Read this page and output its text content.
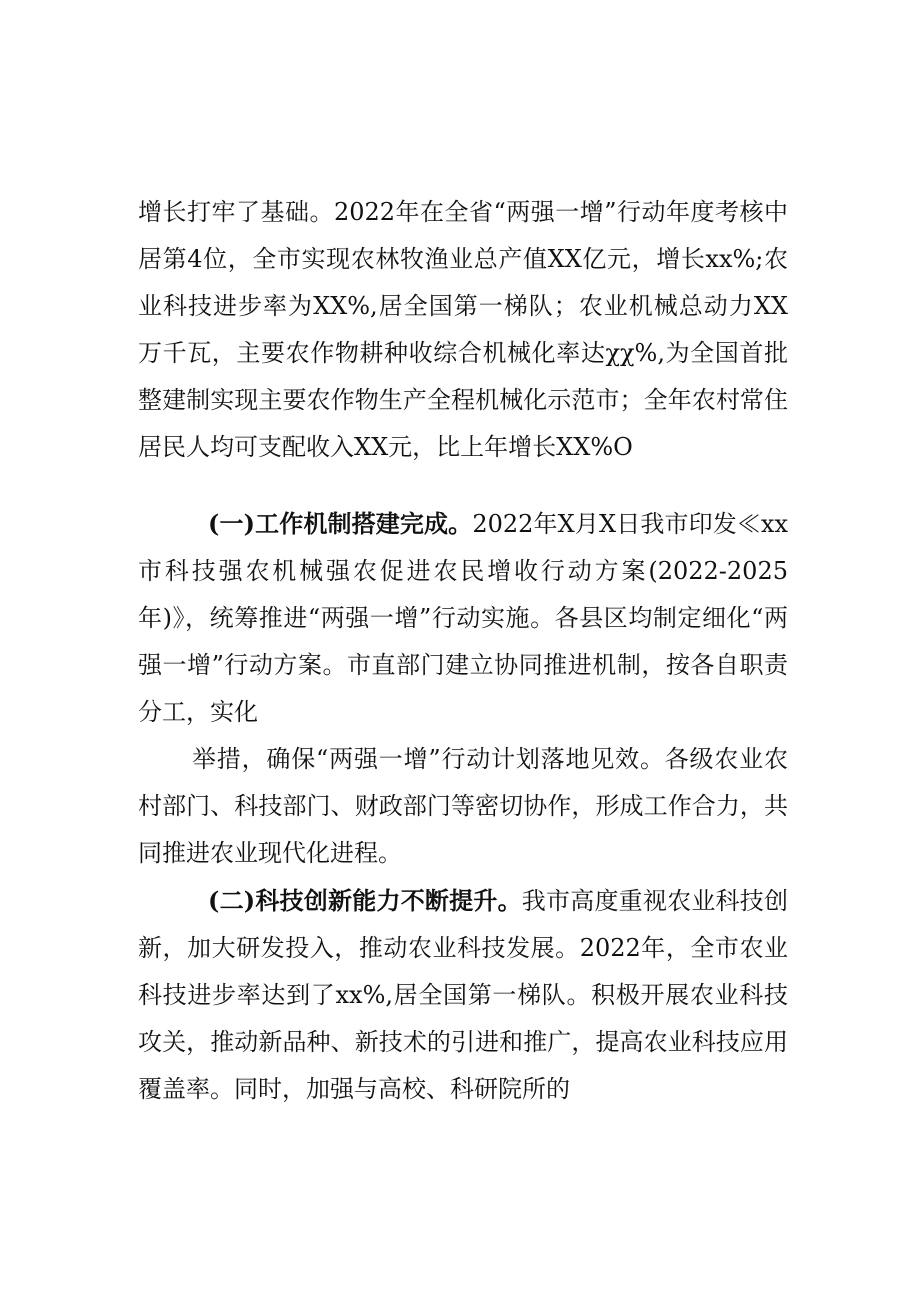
增长打牢了基础。2022年在全省“两强一增”行动年度考核中居第4位，全市实现农林牧渔业总产值XX亿元，增长xx%;农业科技进步率为XX%,居全国第一梯队；农业机械总动力XX万千瓦，主要农作物耕种收综合机械化率达χχ%,为全国首批整建制实现主要农作物生产全程机械化示范市；全年农村常住居民人均可支配收入XX元，比上年增长XX%O

(一)工作机制搭建完成。2022年X月X日我市印发≪xx市科技强农机械强农促进农民增收行动方案(2022-2025年)》，统筹推进“两强一增”行动实施。各县区均制定细化“两强一增”行动方案。市直部门建立协同推进机制，按各自职责分工，实化

举措，确保“两强一增”行动计划落地见效。各级农业农村部门、科技部门、财政部门等密切协作，形成工作合力，共同推进农业现代化进程。

(二)科技创新能力不断提升。我市高度重视农业科技创新，加大研发投入，推动农业科技发展。2022年，全市农业科技进步率达到了xx%,居全国第一梯队。积极开展农业科技攻关，推动新品种、新技术的引进和推广，提高农业科技应用覆盖率。同时，加强与高校、科研院所的
